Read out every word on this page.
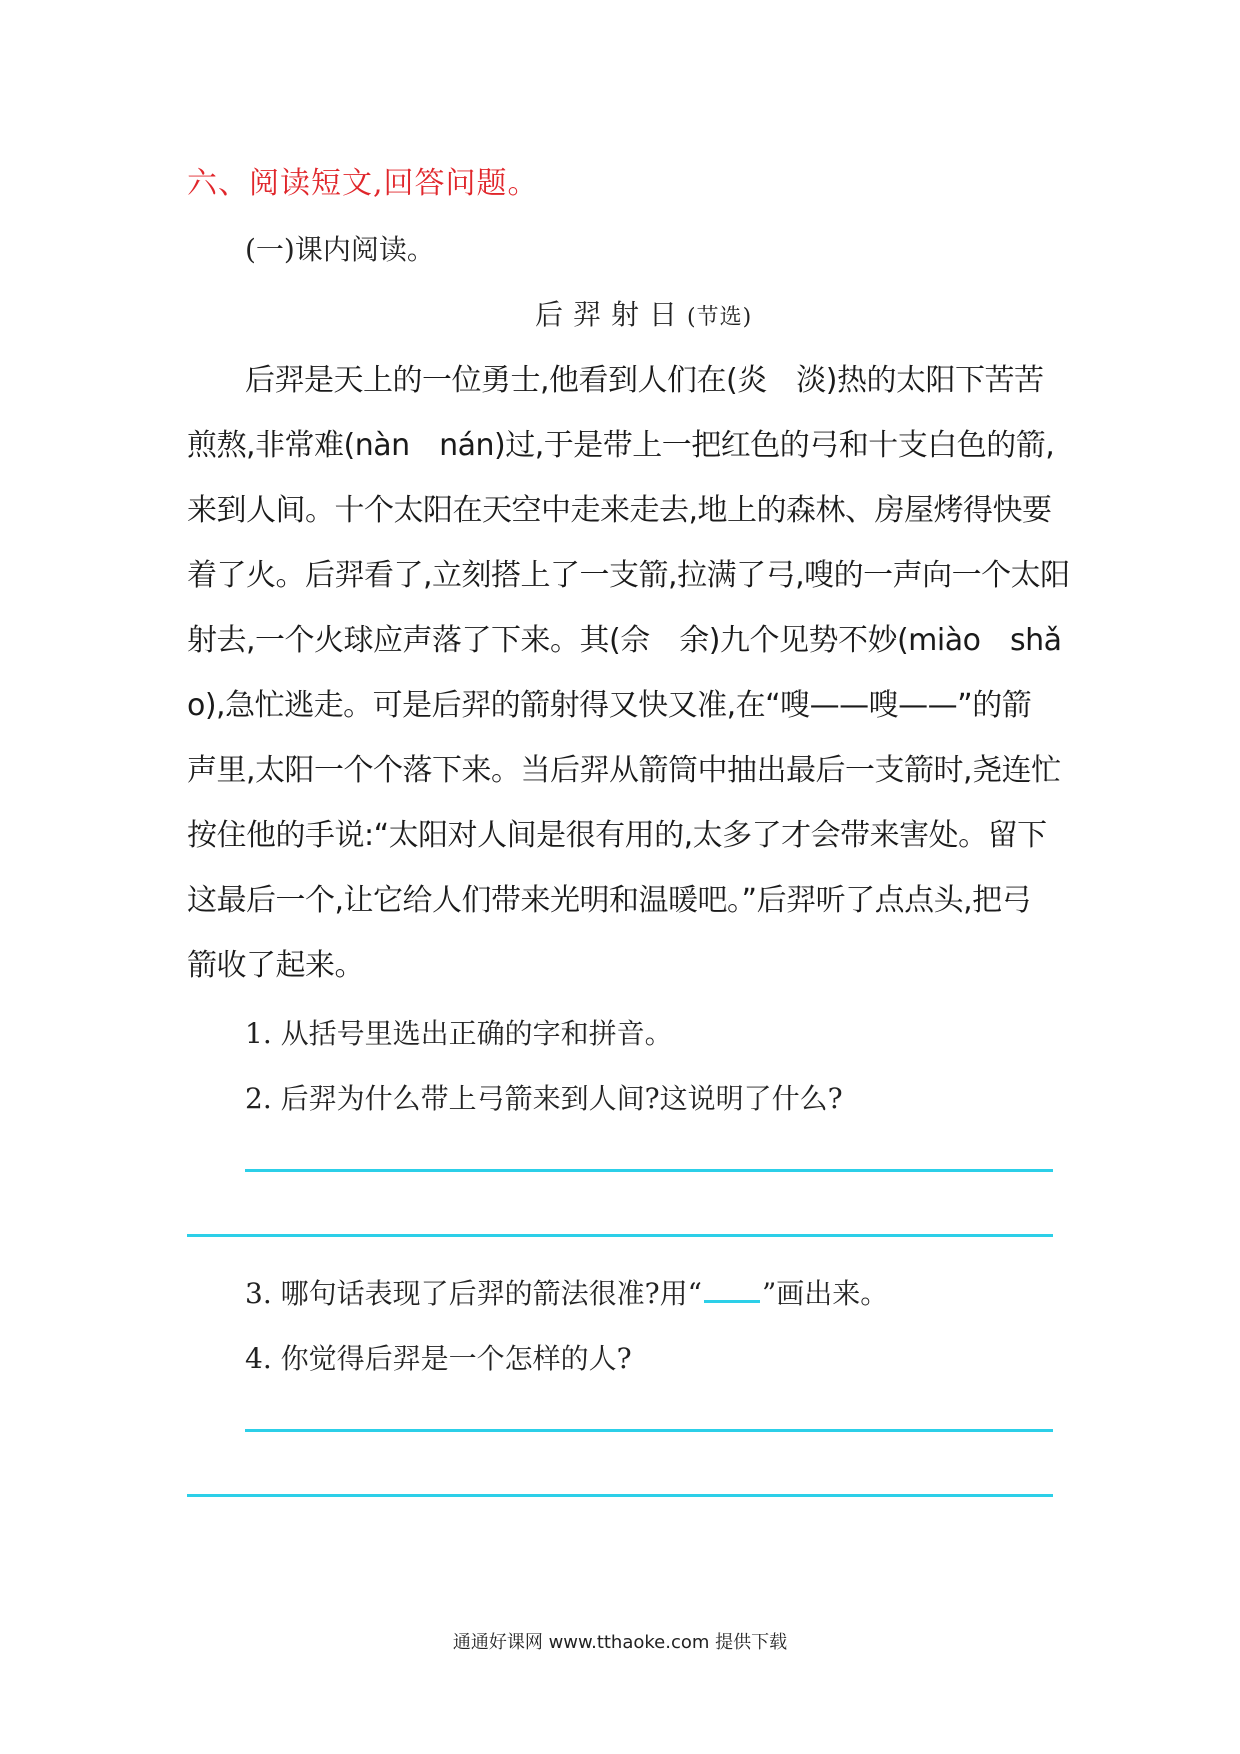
六、阅读短文,回答问题。
(一)课内阅读。
后羿射日(节选)
后羿是天上的一位勇士,他看到人们在(炎　淡)热的太阳下苦苦
煎熬,非常难(nàn　nán)过,于是带上一把红色的弓和十支白色的箭,
来到人间。十个太阳在天空中走来走去,地上的森林、房屋烤得快要
着了火。后羿看了,立刻搭上了一支箭,拉满了弓,嗖的一声向一个太阳
射去,一个火球应声落了下来。其(佘　余)九个见势不妙(miào　shǎ
o),急忙逃走。可是后羿的箭射得又快又准,在“嗖——嗖——”的箭
声里,太阳一个个落下来。当后羿从箭筒中抽出最后一支箭时,尧连忙
按住他的手说:“太阳对人间是很有用的,太多了才会带来害处。留下
这最后一个,让它给人们带来光明和温暖吧。”后羿听了点点头,把弓
箭收了起来。
1. 从括号里选出正确的字和拼音。
2. 后羿为什么带上弓箭来到人间?这说明了什么?
3. 哪句话表现了后羿的箭法很准?用“ ”画出来。
4. 你觉得后羿是一个怎样的人?
通通好课网 www.tthaoke.com 提供下载
